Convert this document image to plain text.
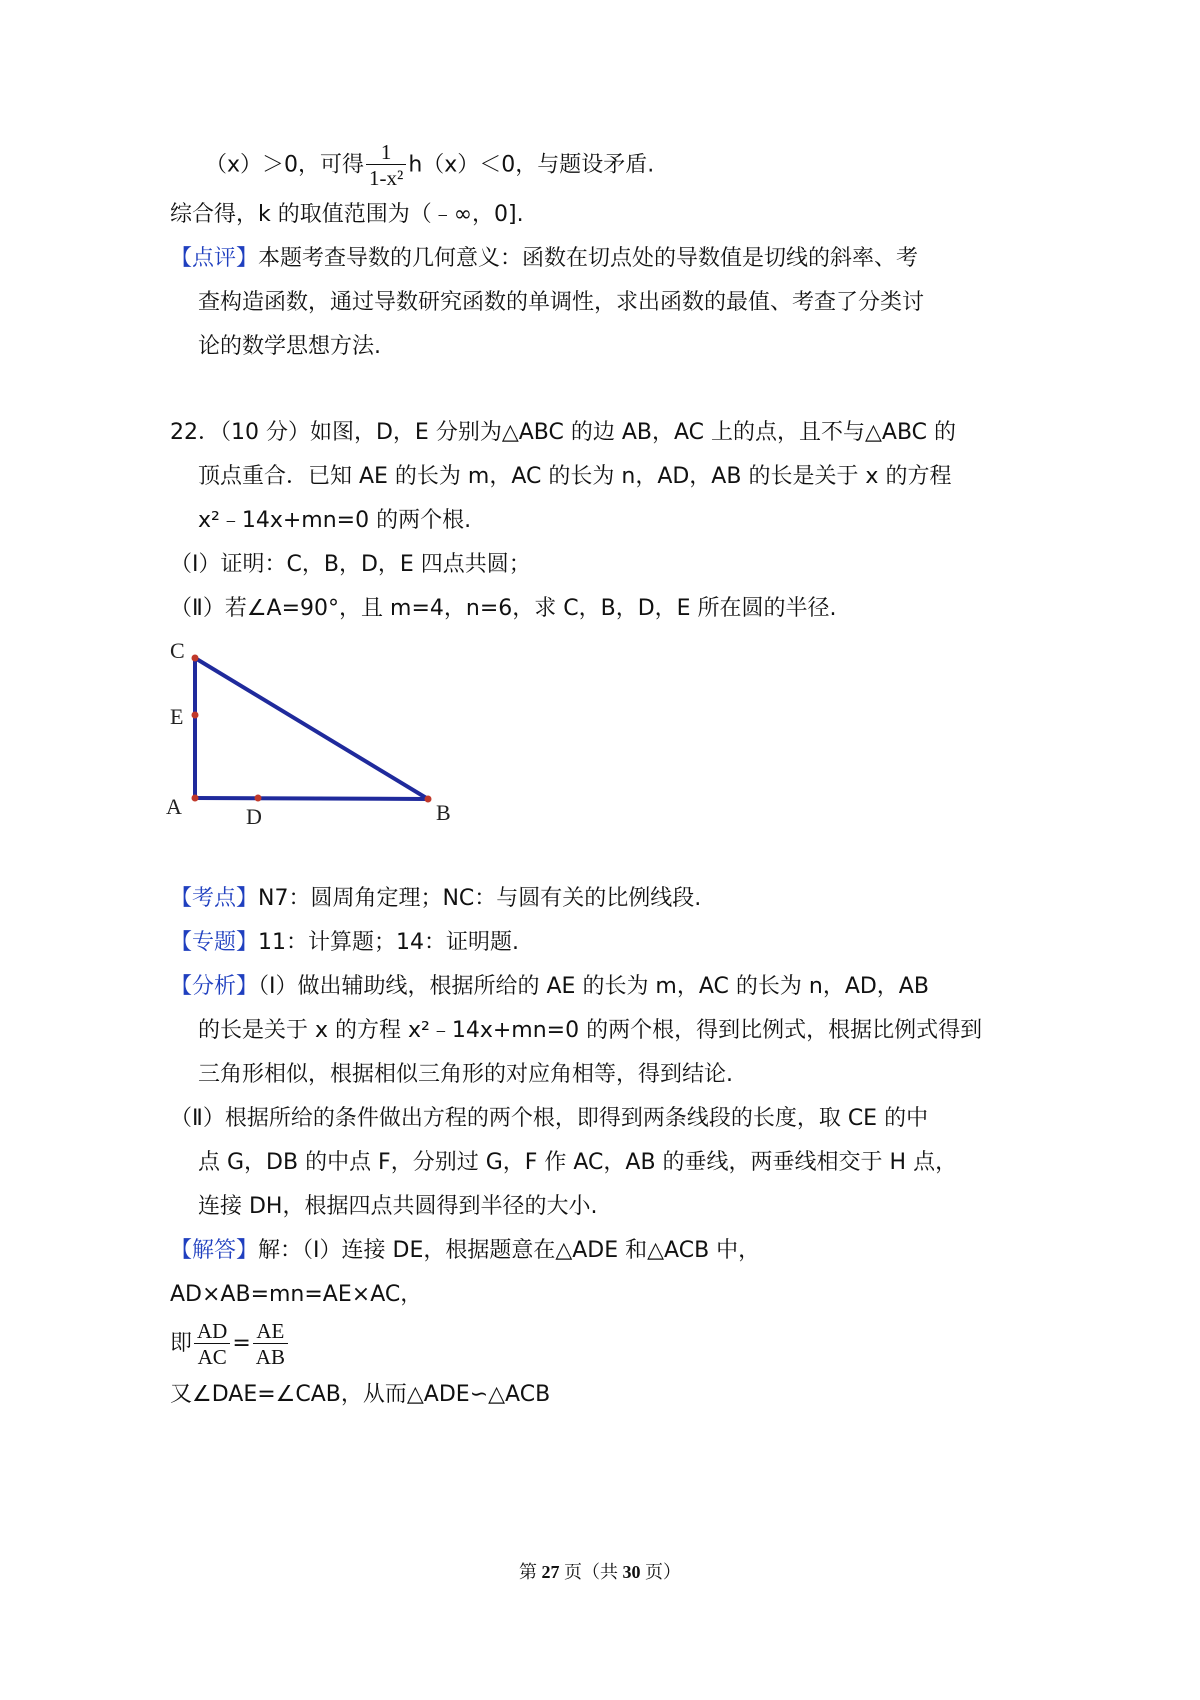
（x）＞0，可得 $\frac{1}{\text{1-x²}} h(x)<0$，与题设矛盾.
综合得，k 的取值范围为（﹣∞，0].
【点评】本题考查导数的几何意义：函数在切点处的导数值是切线的斜率、考
查构造函数，通过导数研究函数的单调性，求出函数的最值、考查了分类讨
论的数学思想方法.
22．（10 分）如图，D，E 分别为△ABC 的边 AB，AC 上的点，且不与△ABC 的
顶点重合．已知 AE 的长为 m，AC 的长为 n，AD，AB 的长是关于 x 的方程
x²﹣14x+mn=0 的两个根.
（Ⅰ）证明：C，B，D，E 四点共圆；
（Ⅱ）若∠A=90°，且 m=4，n=6，求 C，B，D，E 所在圆的半径.
C
E
A	D	B
【考点】N7：圆周角定理；NC：与圆有关的比例线段.
【专题】11：计算题；14：证明题.
【分析】（Ⅰ）做出辅助线，根据所给的 AE 的长为 m，AC 的长为 n，AD，AB
的长是关于 x 的方程 x²﹣14x+mn=0 的两个根，得到比例式，根据比例式得到
三角形相似，根据相似三角形的对应角相等，得到结论.
（Ⅱ）根据所给的条件做出方程的两个根，即得到两条线段的长度，取 CE 的中
点 G，DB 的中点 F，分别过 G，F 作 AC，AB 的垂线，两垂线相交于 H 点，
连接 DH，根据四点共圆得到半径的大小.
【解答】解：（Ⅰ）连接 DE，根据题意在△ADE 和△ACB 中，
AD×AB=mn=AE×AC，
即 $\frac{AD}{AC} = \frac{AE}{AB}$
又∠DAE=∠CAB，从而△ADE∽△ACB
第 27 页（共 30 页）
